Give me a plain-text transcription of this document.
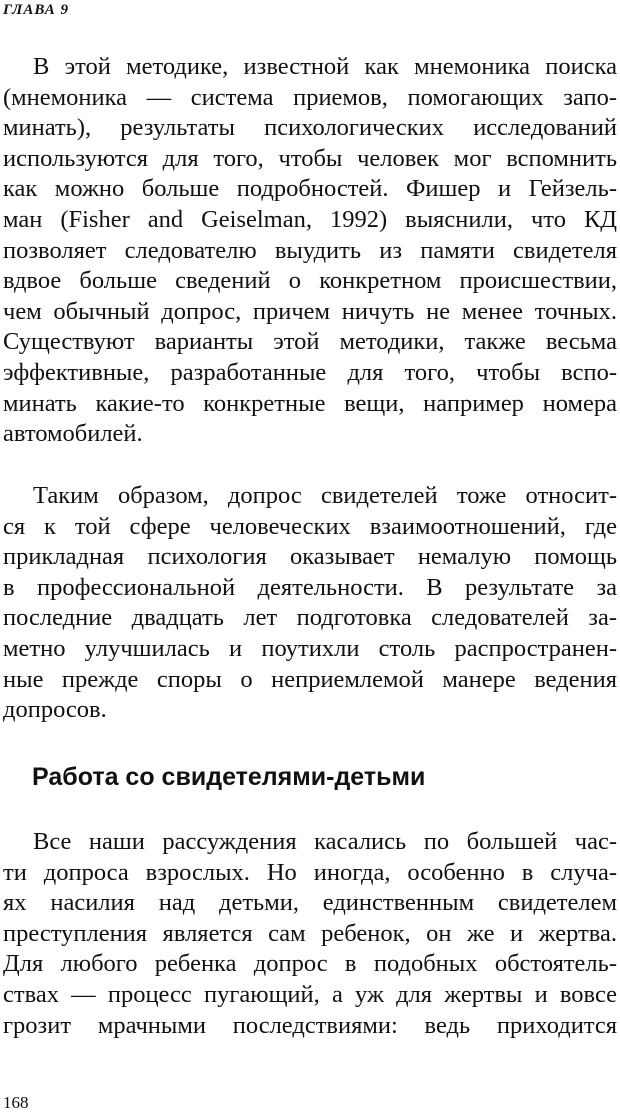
ГЛАВА 9
В этой методике, известной как мнемоника поиска
(мнемоника — система приемов, помогающих запо-
минать), результаты психологических исследований
используются для того, чтобы человек мог вспомнить
как можно больше подробностей. Фишер и Гейзель-
ман (Fisher and Geiselman, 1992) выяснили, что КД
позволяет следователю выудить из памяти свидетеля
вдвое больше сведений о конкретном происшествии,
чем обычный допрос, причем ничуть не менее точных.
Существуют варианты этой методики, также весьма
эффективные, разработанные для того, чтобы вспо-
минать какие-то конкретные вещи, например номера
автомобилей.
Таким образом, допрос свидетелей тоже относит-
ся к той сфере человеческих взаимоотношений, где
прикладная психология оказывает немалую помощь
в профессиональной деятельности. В результате за
последние двадцать лет подготовка следователей за-
метно улучшилась и поутихли столь распространен-
ные прежде споры о неприемлемой манере ведения
допросов.
Работа со свидетелями-детьми
Все наши рассуждения касались по большей час-
ти допроса взрослых. Но иногда, особенно в случа-
ях насилия над детьми, единственным свидетелем
преступления является сам ребенок, он же и жертва.
Для любого ребенка допрос в подобных обстоятель-
ствах — процесс пугающий, а уж для жертвы и вовсе
грозит мрачными последствиями: ведь приходится
168
